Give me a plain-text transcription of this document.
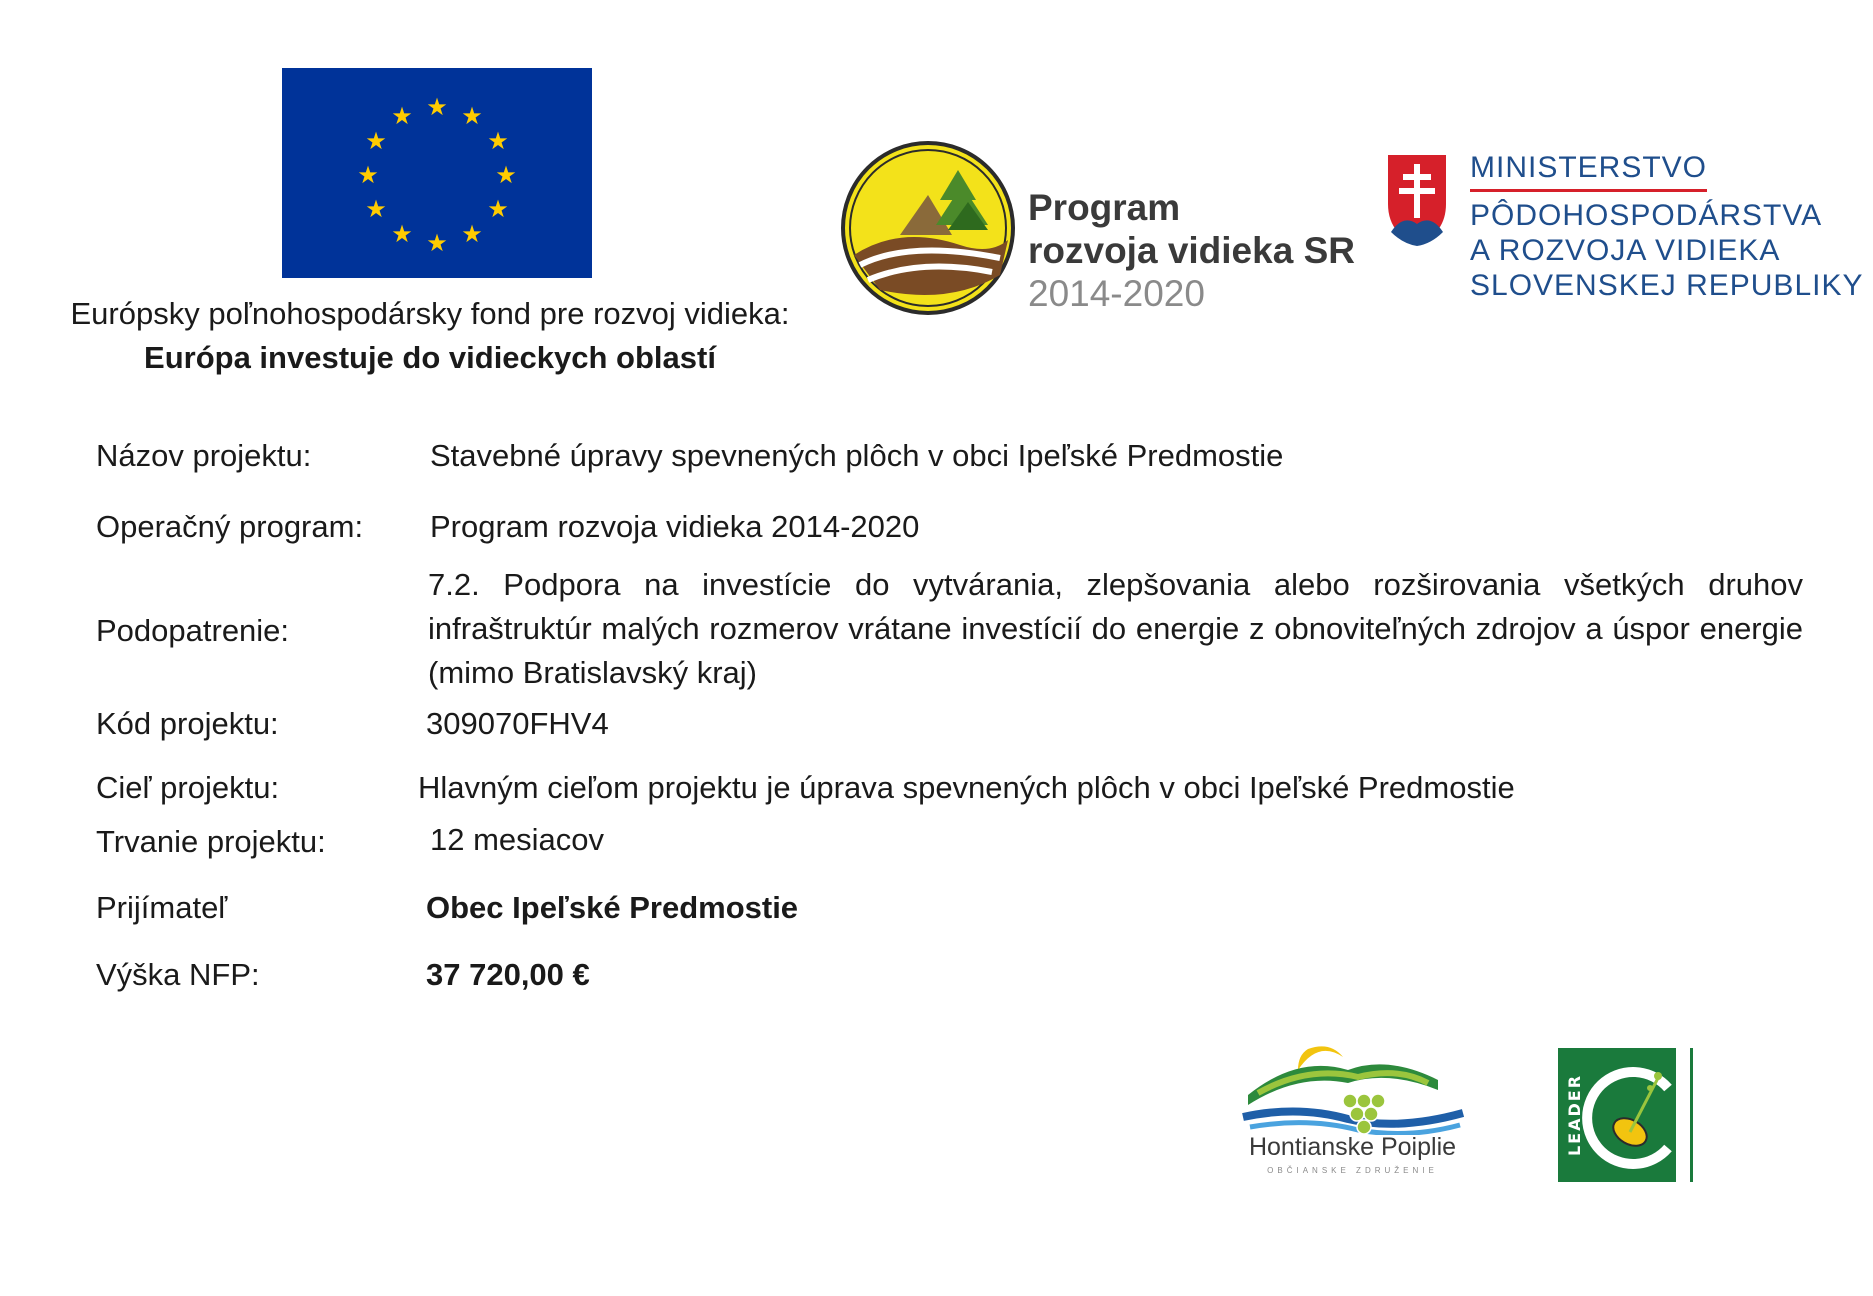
★ ★
★
★
★
★
★
★
★
★
★
★
Európsky poľnohospodársky fond pre rozvoj vidieka:
Európa investuje do vidieckych oblastí
Program
rozvoja vidieka SR
2014-2020
MINISTERSTVO
PÔDOHOSPODÁRSTVA
A ROZVOJA VIDIEKA
SLOVENSKEJ REPUBLIKY
Názov projektu:	Stavebné úpravy spevnených plôch v obci Ipeľské Predmostie
Operačný program: Program rozvoja vidieka 2014-2020
Podopatrenie:
7.2. Podpora na investície do vytvárania, zlepšovania alebo rozširovania všetkých druhov infraštruktúr malých rozmerov vrátane investícií do energie z obnoviteľných zdrojov a úspor energie (mimo Bratislavský kraj)
Kód projektu:	309070FHV4
Cieľ projektu:	Hlavným cieľom projektu je úprava spevnených plôch v obci Ipeľské Predmostie
Trvanie projektu:	12 mesiacov
Prijímateľ	Obec Ipeľské Predmostie
Výška NFP:	37 720,00 €
Hontianske Poiplie
OBČIANSKE ZDRUŽENIE
LEADER
